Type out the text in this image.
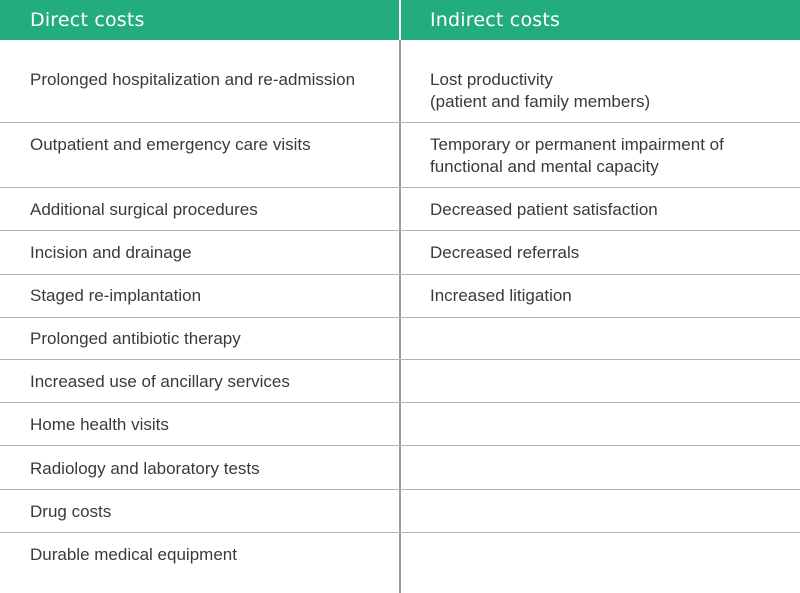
Direct costs	Indirect costs
Prolonged hospitalization and re-admission	Lost productivity
(patient and family members)
Outpatient and emergency care visits	Temporary or permanent impairment of
functional and mental capacity
Additional surgical procedures	Decreased patient satisfaction
Incision and drainage	Decreased referrals
Staged re-implantation	Increased litigation
Prolonged antibiotic therapy
Increased use of ancillary services
Home health visits
Radiology and laboratory tests
Drug costs
Durable medical equipment
